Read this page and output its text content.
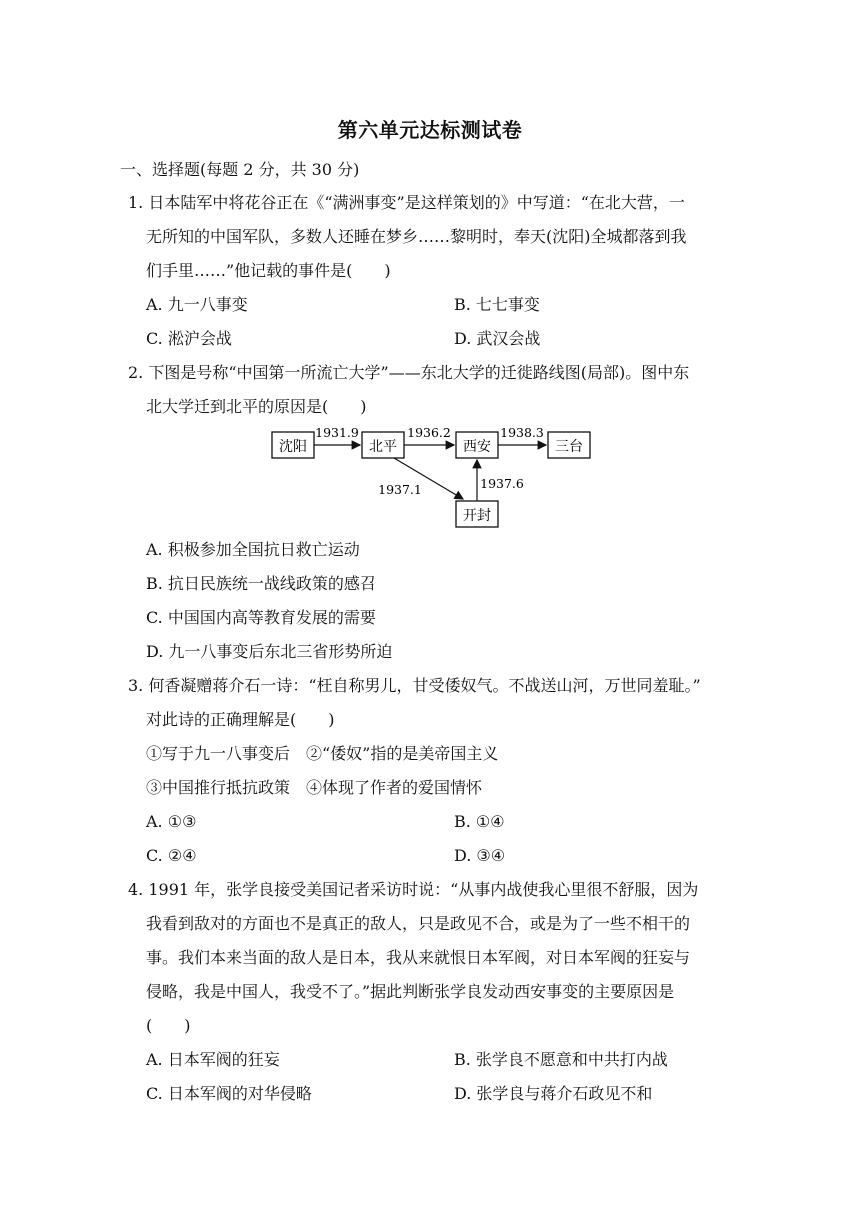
第六单元达标测试卷
一、选择题(每题 2 分，共 30 分)
1. 日本陆军中将花谷正在《“满洲事变”是这样策划的》中写道：“在北大营，一
无所知的中国军队，多数人还睡在梦乡……黎明时，奉天(沈阳)全城都落到我
们手里……”他记载的事件是(　　)
A. 九一八事变	B. 七七事变
C. 淞沪会战	D. 武汉会战
2. 下图是号称“中国第一所流亡大学”——东北大学的迁徙路线图(局部)。图中东
北大学迁到北平的原因是(　　)
沈阳	北平	西安	三台
开封
1931.9	1936.2	1938.3
1937.1	1937.6
A. 积极参加全国抗日救亡运动
B. 抗日民族统一战线政策的感召
C. 中国国内高等教育发展的需要
D. 九一八事变后东北三省形势所迫
3. 何香凝赠蒋介石一诗：“枉自称男儿，甘受倭奴气。不战送山河，万世同羞耻。”
对此诗的正确理解是(　　)
①写于九一八事变后　②“倭奴”指的是美帝国主义
③中国推行抵抗政策　④体现了作者的爱国情怀
A. ①③	B. ①④
C. ②④	D. ③④
4. 1991 年，张学良接受美国记者采访时说：“从事内战使我心里很不舒服，因为
我看到敌对的方面也不是真正的敌人，只是政见不合，或是为了一些不相干的
事。我们本来当面的敌人是日本，我从来就恨日本军阀，对日本军阀的狂妄与
侵略，我是中国人，我受不了。”据此判断张学良发动西安事变的主要原因是
(　　)
A. 日本军阀的狂妄	B. 张学良不愿意和中共打内战
C. 日本军阀的对华侵略	D. 张学良与蒋介石政见不和
